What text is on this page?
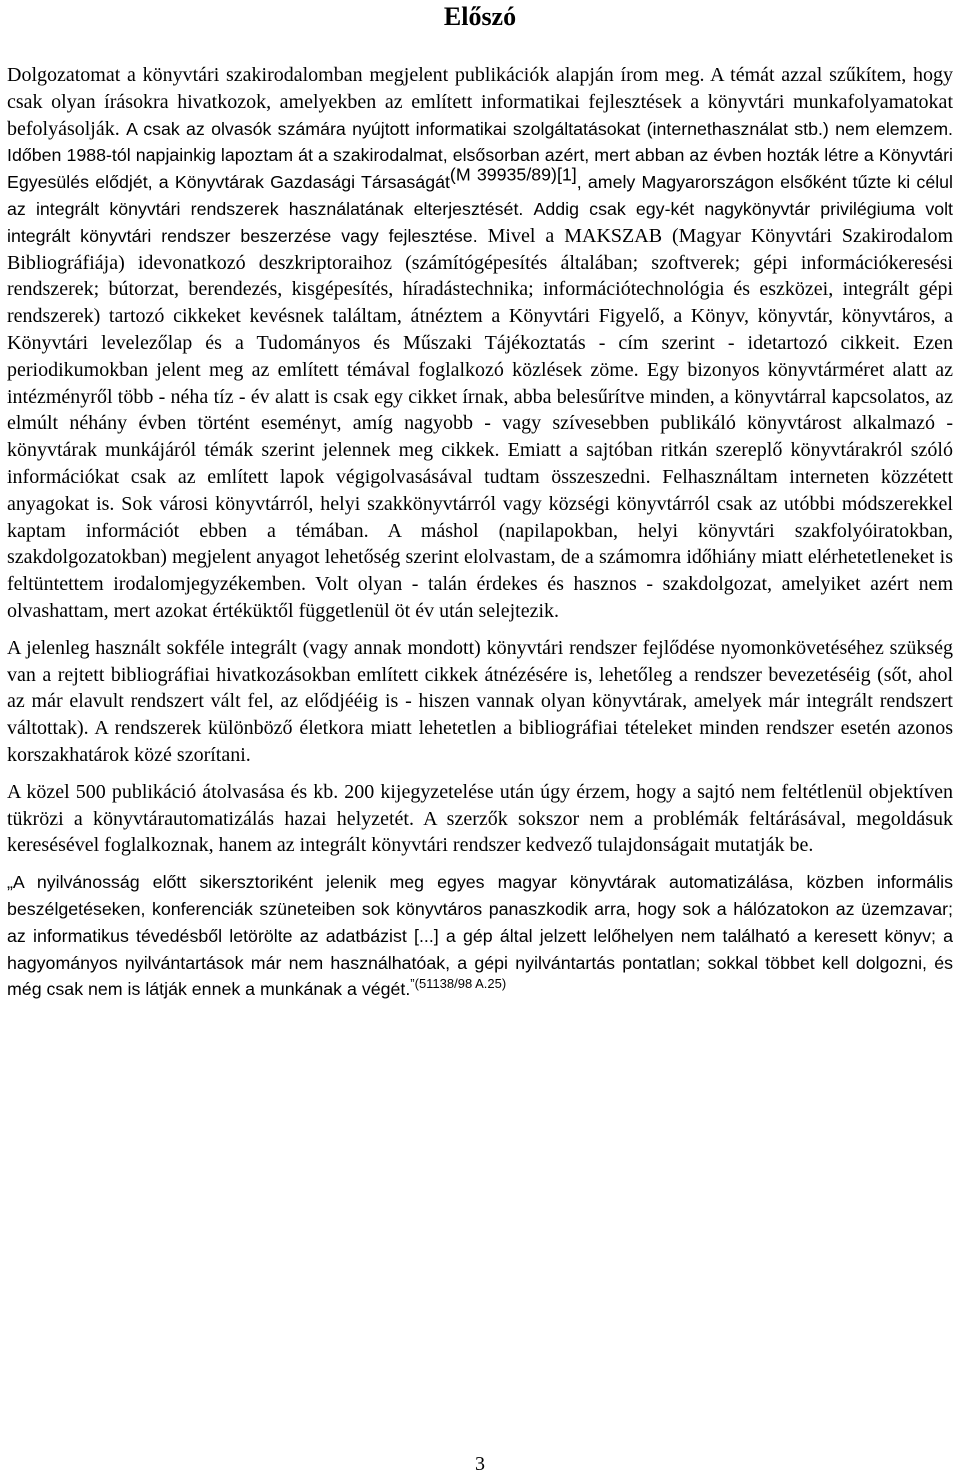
Előszó

Dolgozatomat a könyvtári szakirodalomban megjelent publikációk alapján írom meg. A témát azzal szűkítem, hogy csak olyan írásokra hivatkozok, amelyekben az említett informatikai fejlesztések a könyvtári munkafolyamatokat befolyásolják. A csak az olvasók számára nyújtott informatikai szolgáltatásokat (internethasználat stb.) nem elemzem. Időben 1988-tól napjainkig lapoztam át a szakirodalmat, elsősorban azért, mert abban az évben hozták létre a Könyvtári Egyesülés elődjét, a Könyvtárak Gazdasági Társaságát$^{(M 39935/89)[1]}$, amely Magyarországon elsőként tűzte ki célul az integrált könyvtári rendszerek használatának elterjesztését. Addig csak egy-két nagykönyvtár privilégiuma volt integrált könyvtári rendszer beszerzése vagy fejlesztése. Mivel a MAKSZAB (Magyar Könyvtári Szakirodalom Bibliográfiája) idevonatkozó deszkriptoraihoz (számítógépesítés általában; szoftverek; gépi információkeresési rendszerek; bútorzat, berendezés, kisgépesítés, híradástechnika; információtechnológia és eszközei, integrált gépi rendszerek) tartozó cikkeket kevésnek találtam, átnéztem a Könyvtári Figyelő, a Könyv, könyvtár, könyvtáros, a Könyvtári levelezőlap és a Tudományos és Műszaki Tájékoztatás - cím szerint - idetartozó cikkeit. Ezen periodikumokban jelent meg az említett témával foglalkozó közlések zöme. Egy bizonyos könyvtárméret alatt az intézményről több - néha tíz - év alatt is csak egy cikket írnak, abba belesűrítve minden, a könyvtárral kapcsolatos, az elmúlt néhány évben történt eseményt, amíg nagyobb - vagy szívesebben publikáló könyvtárost alkalmazó - könyvtárak munkájáról témák szerint jelennek meg cikkek. Emiatt a sajtóban ritkán szereplő könyvtárakról szóló információkat csak az említett lapok végigolvasásával tudtam összeszedni. Felhasználtam interneten közzétett anyagokat is. Sok városi könyvtárról, helyi szakkönyvtárról vagy községi könyvtárról csak az utóbbi módszerekkel kaptam információt ebben a témában. A máshol (napilapokban, helyi könyvtári szakfolyóiratokban, szakdolgozatokban) megjelent anyagot lehetőség szerint elolvastam, de a számomra időhiány miatt elérhetetleneket is feltüntettem irodalomjegyzékemben. Volt olyan - talán érdekes és hasznos - szakdolgozat, amelyiket azért nem olvashattam, mert azokat értéküktől függetlenül öt év után selejtezik.

A jelenleg használt sokféle integrált (vagy annak mondott) könyvtári rendszer fejlődése nyomonkövetéséhez szükség van a rejtett bibliográfiai hivatkozásokban említett cikkek átnézésére is, lehetőleg a rendszer bevezetéséig (sőt, ahol az már elavult rendszert vált fel, az elődjééig is - hiszen vannak olyan könyvtárak, amelyek már integrált rendszert váltottak). A rendszerek különböző életkora miatt lehetetlen a bibliográfiai tételeket minden rendszer esetén azonos korszakhatárok közé szorítani.

A közel 500 publikáció átolvasása és kb. 200 kijegyzetelése után úgy érzem, hogy a sajtó nem feltétlenül objektíven tükrözi a könyvtárautomatizálás hazai helyzetét. A szerzők sokszor nem a problémák feltárásával, megoldásuk keresésével foglalkoznak, hanem az integrált könyvtári rendszer kedvező tulajdonságait mutatják be.

„A nyilvánosság előtt sikersztoriként jelenik meg egyes magyar könyvtárak automatizálása, közben informális beszélgetéseken, konferenciák szüneteiben sok könyvtáros panaszkodik arra, hogy sok a hálózatokon az üzemzavar; az informatikus tévedésből letörölte az adatbázist [...] a gép által jelzett lelőhelyen nem található a keresett könyv; a hagyományos nyilvántartások már nem használhatóak, a gépi nyilvántartás pontatlan; sokkal többet kell dolgozni, és még csak nem is látják ennek a munkának a végét.$^{”(51138/98 A.25)}$

3
